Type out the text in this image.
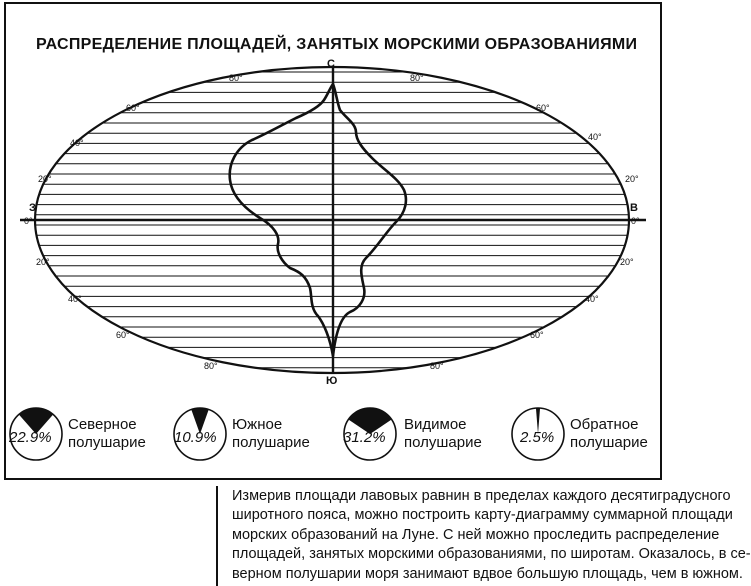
РАСПРЕДЕЛЕНИЕ ПЛОЩАДЕЙ, ЗАНЯТЫХ МОРСКИМИ ОБРАЗОВАНИЯМИ
80°	80°
60°	60°
40°
40°
20°	20°
0°	0°
20°	20°
40°	40°
60°	60°
80°	80°
С
Ю
З	В
22.9%
Северное
полушарие 10.9%
Южное
полушарие 31.2%
Видимое
полушарие	2.5%
Обратное
полушарие

Измерив площади лавовых равнин в пределах каждого десятиградусного

широтного пояса, можно построить карту-диаграмму суммарной площади

морских образований на Луне. С ней можно проследить распределение

площадей, занятых морскими образованиями, по широтам. Оказалось, в се-

верном полушарии моря занимают вдвое большую площадь, чем в южном.
